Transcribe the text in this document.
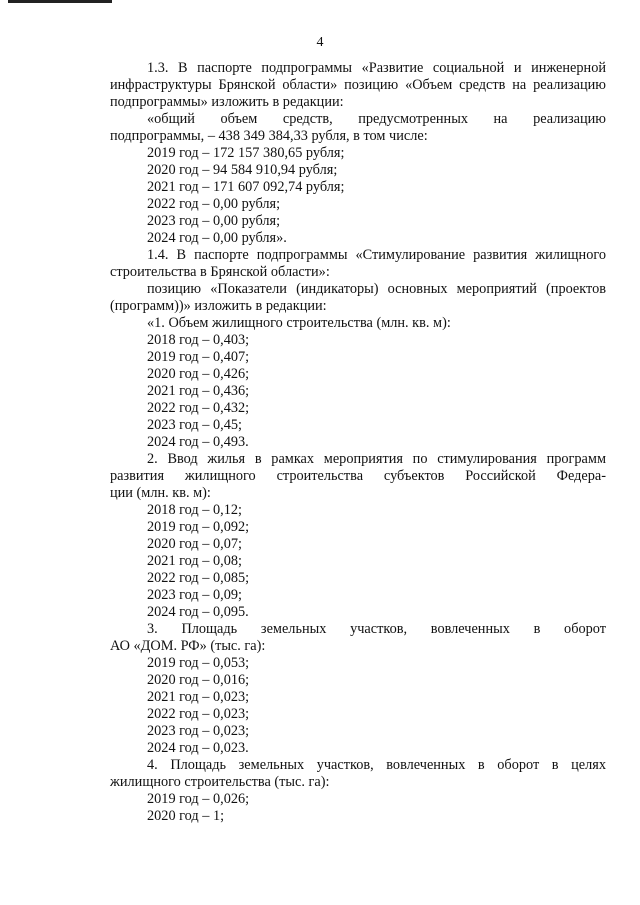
4
1.3. В паспорте подпрограммы «Развитие социальной и инженерной
инфраструктуры Брянской области» позицию «Объем средств на реализацию
подпрограммы» изложить в редакции:
«общий объем средств, предусмотренных на реализацию
подпрограммы, – 438 349 384,33 рубля, в том числе:
2019 год – 172 157 380,65 рубля;
2020 год – 94 584 910,94 рубля;
2021 год – 171 607 092,74 рубля;
2022 год – 0,00 рубля;
2023 год – 0,00 рубля;
2024 год – 0,00 рубля».
1.4. В паспорте подпрограммы «Стимулирование развития жилищного
строительства в Брянской области»:
позицию «Показатели (индикаторы) основных мероприятий (проектов
(программ))» изложить в редакции:
«1. Объем жилищного строительства (млн. кв. м):
2018 год – 0,403;
2019 год – 0,407;
2020 год – 0,426;
2021 год – 0,436;
2022 год – 0,432;
2023 год – 0,45;
2024 год – 0,493.
2. Ввод жилья в рамках мероприятия по стимулирования программ
развития жилищного строительства субъектов Российской Федера-
ции (млн. кв. м):
2018 год – 0,12;
2019 год – 0,092;
2020 год – 0,07;
2021 год – 0,08;
2022 год – 0,085;
2023 год – 0,09;
2024 год – 0,095.
3. Площадь земельных участков, вовлеченных в оборот
АО «ДОМ. РФ» (тыс. га):
2019 год – 0,053;
2020 год – 0,016;
2021 год – 0,023;
2022 год – 0,023;
2023 год – 0,023;
2024 год – 0,023.
4. Площадь земельных участков, вовлеченных в оборот в целях
жилищного строительства (тыс. га):
2019 год – 0,026;
2020 год – 1;
